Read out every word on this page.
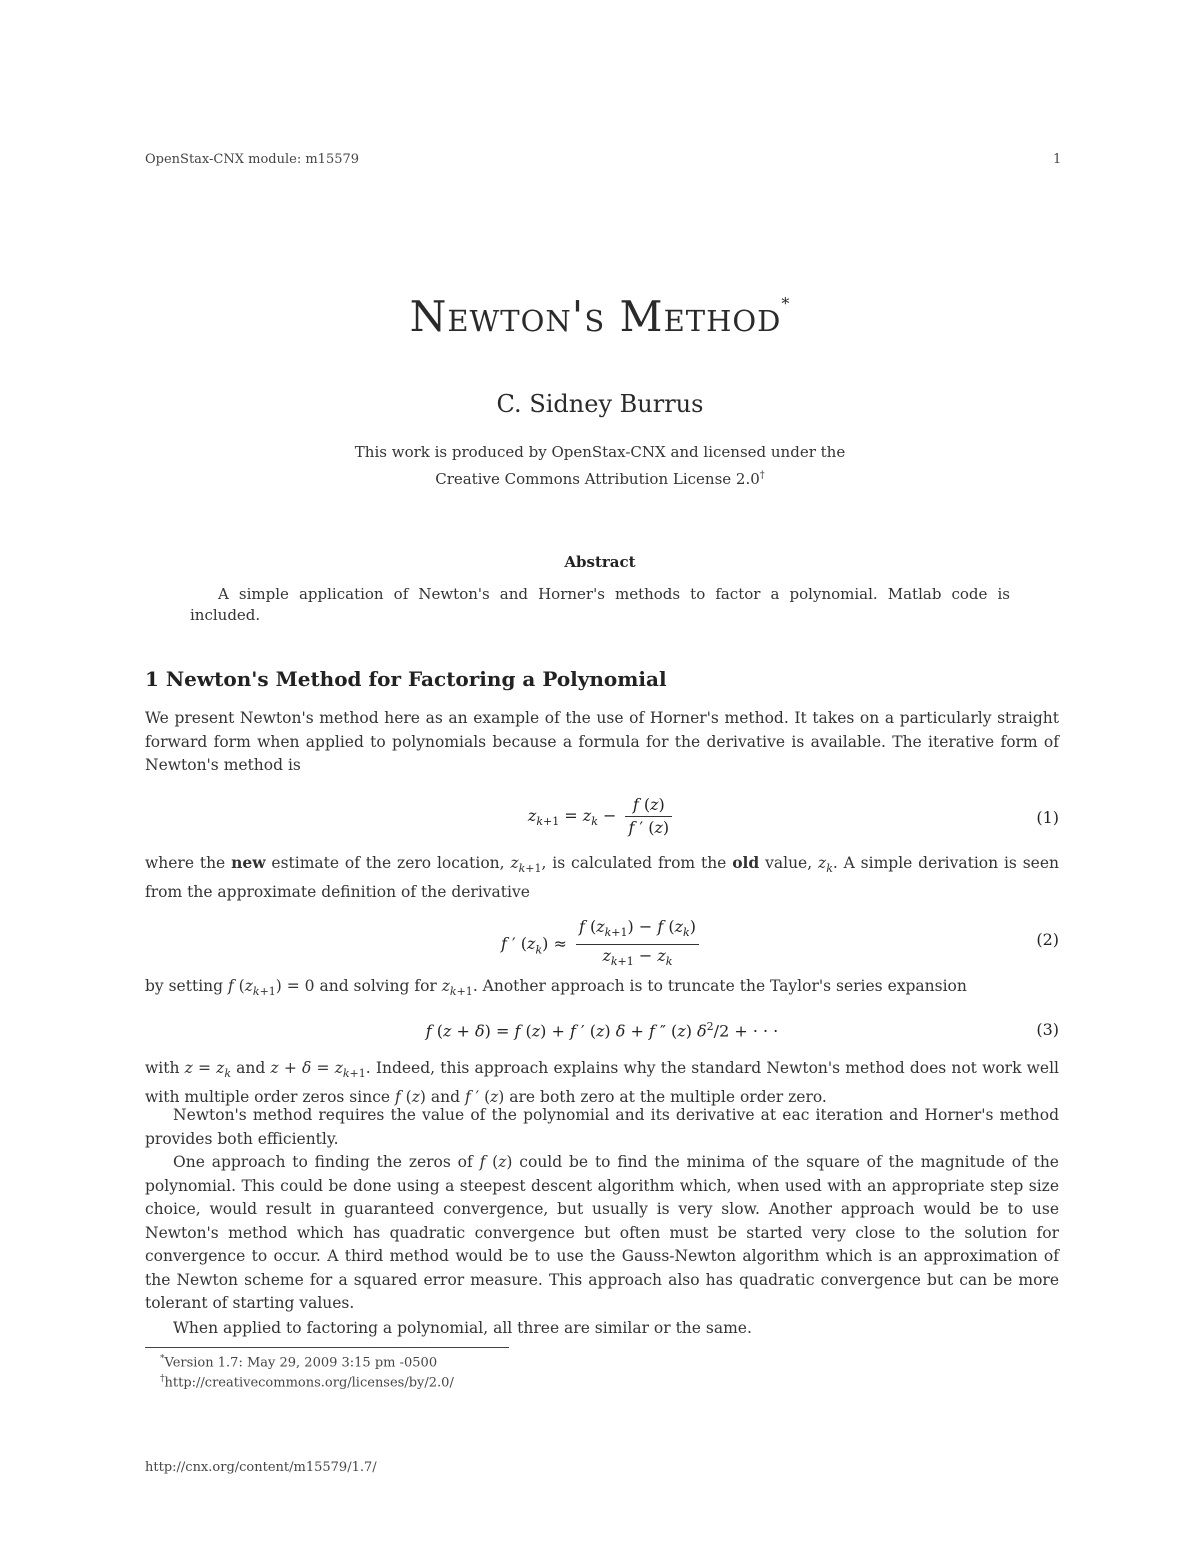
OpenStax-CNX module: m15579	1
Newton's Method*
C. Sidney Burrus
This work is produced by OpenStax-CNX and licensed under the
Creative Commons Attribution License 2.0†
Abstract
A simple application of Newton's and Horner's methods to factor a polynomial. Matlab code is included.
1 Newton's Method for Factoring a Polynomial
We present Newton's method here as an example of the use of Horner's method. It takes on a particularly straight forward form when applied to polynomials because a formula for the derivative is available. The iterative form of Newton's method is
$z_{k+1} = z_k - \frac{f (z)}{f ' (z)}$	(1)
where the new estimate of the zero location, $z_{k+1}$, is calculated from the old value, $z_k$. A simple derivation is seen from the approximate definition of the derivative
f ′ $(z_k) \approx \frac{f (z_{k+1}) - f (z_k)}{z_{k+1} - z_k}$	(2)
by setting f $(z_{k+1}) = 0$ and solving for $z_{k+1}$. Another approach is to truncate the Taylor's series expansion
f (z + δ) = f (z) + f ′ (z) δ + f ″ (z) $\delta^2/2$ + · · ·	(3)
with $z = z_k$ and $z + \delta = z_{k+1}$. Indeed, this approach explains why the standard Newton's method does not work well with multiple order zeros since f (z) and f ′ (z) are both zero at the multiple order zero.
Newton's method requires the value of the polynomial and its derivative at eac iteration and Horner's method provides both efficiently.
One approach to finding the zeros of f (z) could be to find the minima of the square of the magnitude of the polynomial. This could be done using a steepest descent algorithm which, when used with an appropriate step size choice, would result in guaranteed convergence, but usually is very slow. Another approach would be to use Newton's method which has quadratic convergence but often must be started very close to the solution for convergence to occur. A third method would be to use the Gauss-Newton algorithm which is an approximation of the Newton scheme for a squared error measure. This approach also has quadratic convergence but can be more tolerant of starting values.
When applied to factoring a polynomial, all three are similar or the same.
*Version 1.7: May 29, 2009 3:15 pm -0500
†http://creativecommons.org/licenses/by/2.0/
http://cnx.org/content/m15579/1.7/
